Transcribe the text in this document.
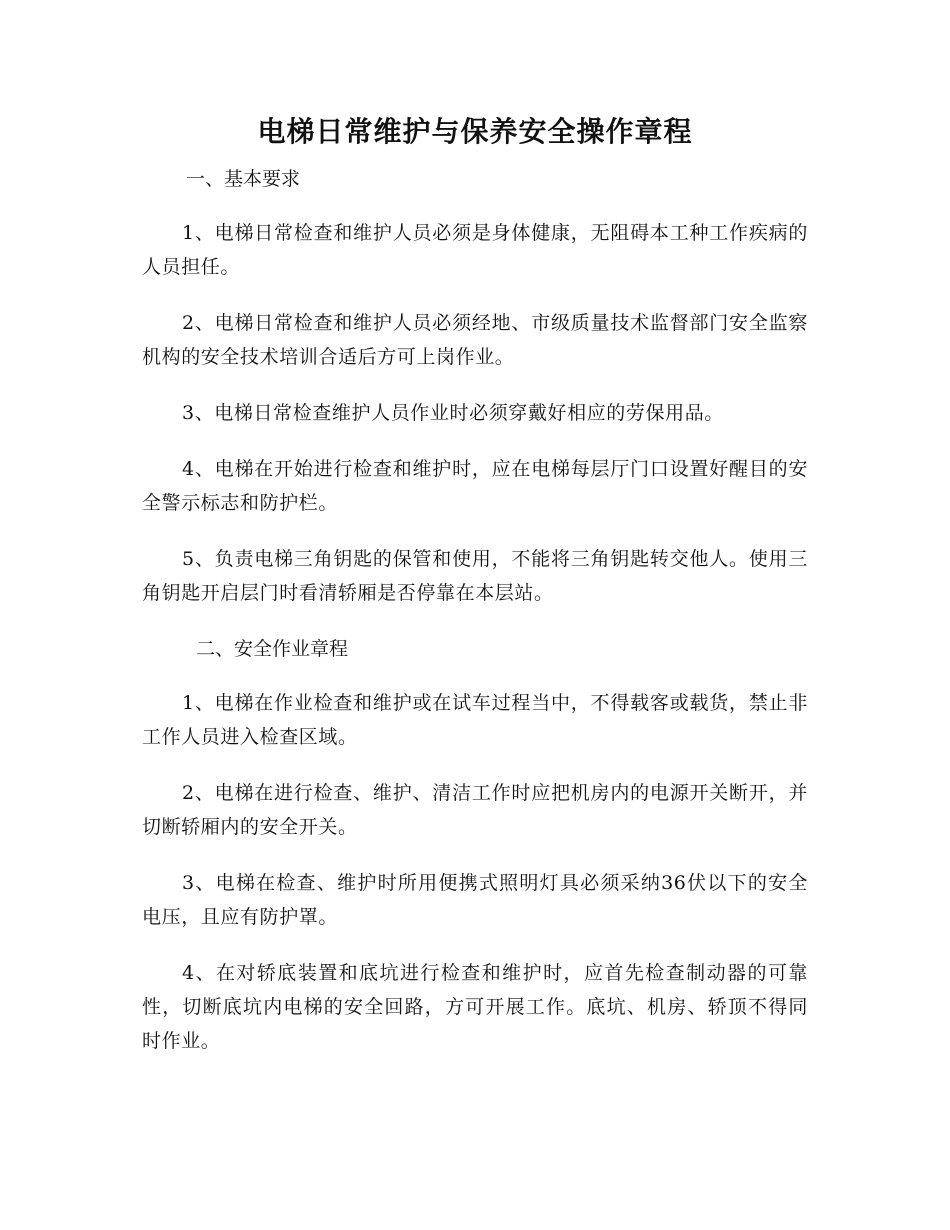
电梯日常维护与保养安全操作章程

一、基本要求

1、电梯日常检查和维护人员必须是身体健康，无阻碍本工种工作疾病的人员担任。

2、电梯日常检查和维护人员必须经地、市级质量技术监督部门安全监察机构的安全技术培训合适后方可上岗作业。

3、电梯日常检查维护人员作业时必须穿戴好相应的劳保用品。

4、电梯在开始进行检查和维护时，应在电梯每层厅门口设置好醒目的安全警示标志和防护栏。

5、负责电梯三角钥匙的保管和使用，不能将三角钥匙转交他人。使用三角钥匙开启层门时看清轿厢是否停靠在本层站。

二、安全作业章程

1、电梯在作业检查和维护或在试车过程当中，不得载客或载货，禁止非工作人员进入检查区域。

2、电梯在进行检查、维护、清洁工作时应把机房内的电源开关断开，并切断轿厢内的安全开关。

3、电梯在检查、维护时所用便携式照明灯具必须采纳36伏以下的安全电压，且应有防护罩。

4、在对轿底装置和底坑进行检查和维护时，应首先检查制动器的可靠性，切断底坑内电梯的安全回路，方可开展工作。底坑、机房、轿顶不得同时作业。
